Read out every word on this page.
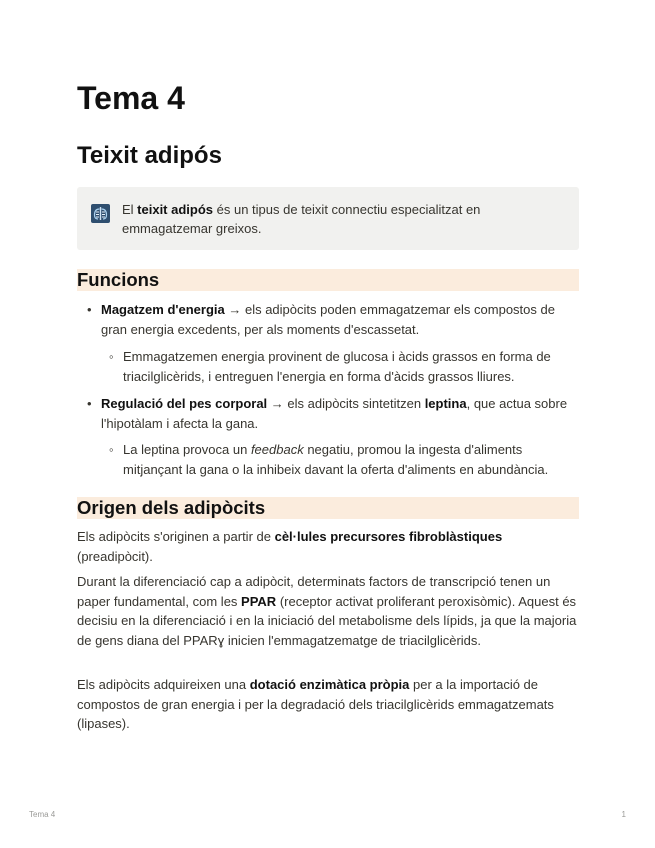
Tema 4
Teixit adipós
El teixit adipós és un tipus de teixit connectiu especialitzat en emmagatzemar greixos.
Funcions
• Magatzem d'energia → els adipòcits poden emmagatzemar els compostos de gran energia excedents, per als moments d'escassetat.
◦ Emmagatzemen energia provinent de glucosa i àcids grassos en forma de triacilglicèrids, i entreguen l'energia en forma d'àcids grassos lliures.
• Regulació del pes corporal → els adipòcits sintetitzen leptina, que actua sobre l'hipotàlam i afecta la gana.
◦ La leptina provoca un feedback negatiu, promou la ingesta d'aliments mitjançant la gana o la inhibeix davant la oferta d'aliments en abundància.
Origen dels adipòcits

Els adipòcits s'originen a partir de cèl·lules precursores fibroblàstiques (preadipòcit).

Durant la diferenciació cap a adipòcit, determinats factors de transcripció tenen un paper fundamental, com les PPAR (receptor activat proliferant peroxisòmic). Aquest és decisiu en la diferenciació i en la iniciació del metabolisme dels lípids, ja que la majoria de gens diana del PPARɣ inicien l'emmagatzematge de triacilglicèrids.

Els adipòcits adquireixen una dotació enzimàtica pròpia per a la importació de compostos de gran energia i per la degradació dels triacilglicèrids emmagatzemats (lipases).

Tema 4	1
